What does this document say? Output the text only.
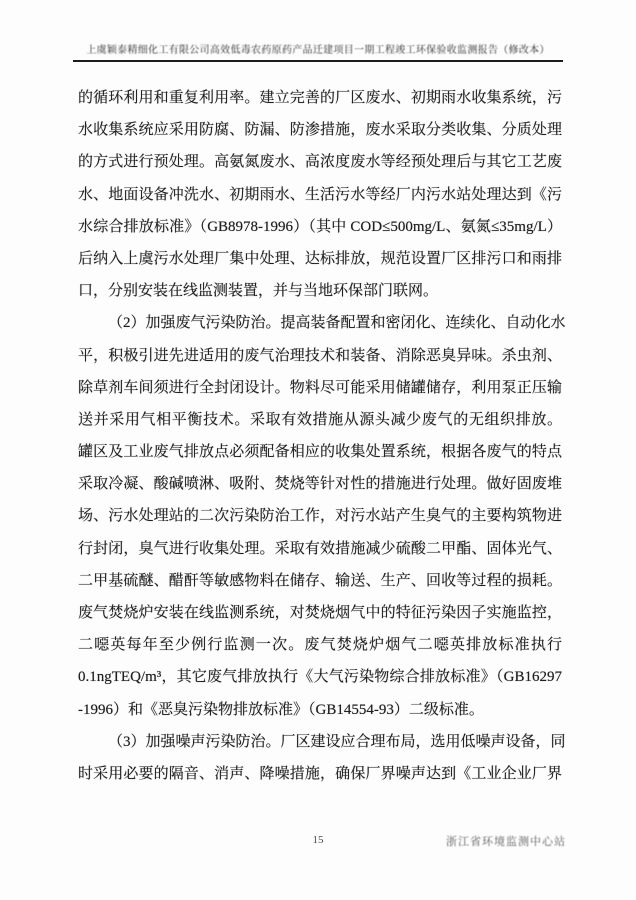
上虞颖泰精细化工有限公司高效低毒农药原药产品迁建项目一期工程竣工环保验收监测报告（修改本）
的循环利用和重复利用率。建立完善的厂区废水、初期雨水收集系统，污
水收集系统应采用防腐、防漏、防渗措施，废水采取分类收集、分质处理
的方式进行预处理。高氨氮废水、高浓度废水等经预处理后与其它工艺废
水、地面设备冲洗水、初期雨水、生活污水等经厂内污水站处理达到《污
水综合排放标准》（GB8978-1996）（其中 COD≤500mg/L、氨氮≤35mg/L）
后纳入上虞污水处理厂集中处理、达标排放，规范设置厂区排污口和雨排
口，分别安装在线监测装置，并与当地环保部门联网。
（2）加强废气污染防治。提高装备配置和密闭化、连续化、自动化水
平，积极引进先进适用的废气治理技术和装备、消除恶臭异味。杀虫剂、
除草剂车间须进行全封闭设计。物料尽可能采用储罐储存，利用泵正压输
送并采用气相平衡技术。采取有效措施从源头减少废气的无组织排放。
罐区及工业废气排放点必须配备相应的收集处置系统，根据各废气的特点
采取冷凝、酸碱喷淋、吸附、焚烧等针对性的措施进行处理。做好固废堆
场、污水处理站的二次污染防治工作，对污水站产生臭气的主要构筑物进
行封闭，臭气进行收集处理。采取有效措施减少硫酸二甲酯、固体光气、
二甲基硫醚、醋酐等敏感物料在储存、输送、生产、回收等过程的损耗。
废气焚烧炉安装在线监测系统，对焚烧烟气中的特征污染因子实施监控，
二噁英每年至少例行监测一次。废气焚烧炉烟气二噁英排放标准执行
0.1ngTEQ/m³，其它废气排放执行《大气污染物综合排放标准》（GB16297
-1996）和《恶臭污染物排放标准》（GB14554-93）二级标准。
（3）加强噪声污染防治。厂区建设应合理布局，选用低噪声设备，同
时采用必要的隔音、消声、降噪措施，确保厂界噪声达到《工业企业厂界
15	浙江省环境监测中心站
